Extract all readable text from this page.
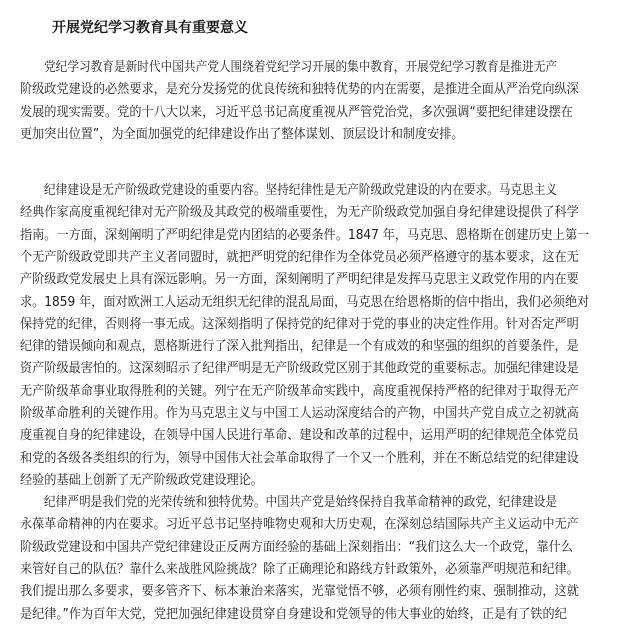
开展党纪学习教育具有重要意义
党纪学习教育是新时代中国共产党人围绕着党纪学习开展的集中教育，开展党纪学习教育是推进无产
阶级政党建设的必然要求，是充分发扬党的优良传统和独特优势的内在需要，是推进全面从严治党向纵深
发展的现实需要。党的十八大以来，习近平总书记高度重视从严管党治党，多次强调“要把纪律建设摆在
更加突出位置”，为全面加强党的纪律建设作出了整体谋划、顶层设计和制度安排。
纪律建设是无产阶级政党建设的重要内容。坚持纪律性是无产阶级政党建设的内在要求。马克思主义
经典作家高度重视纪律对无产阶级及其政党的极端重要性，为无产阶级政党加强自身纪律建设提供了科学
指南。一方面，深刻阐明了严明纪律是党内团结的必要条件。1847 年，马克思、恩格斯在创建历史上第一
个无产阶级政党即共产主义者同盟时，就把严明党的纪律作为全体党员必须严格遵守的基本要求，这在无
产阶级政党发展史上具有深远影响。另一方面，深刻阐明了严明纪律是发挥马克思主义政党作用的内在要
求。1859 年，面对欧洲工人运动无组织无纪律的混乱局面，马克思在给恩格斯的信中指出，我们必须绝对
保持党的纪律，否则将一事无成。这深刻指明了保持党的纪律对于党的事业的决定性作用。针对否定严明
纪律的错误倾向和观点，恩格斯进行了深入批判指出，纪律是一个有成效的和坚强的组织的首要条件，是
资产阶级最害怕的。这深刻昭示了纪律严明是无产阶级政党区别于其他政党的重要标志。加强纪律建设是
无产阶级革命事业取得胜利的关键。列宁在无产阶级革命实践中，高度重视保持严格的纪律对于取得无产
阶级革命胜利的关键作用。作为马克思主义与中国工人运动深度结合的产物，中国共产党自成立之初就高
度重视自身的纪律建设，在领导中国人民进行革命、建设和改革的过程中，运用严明的纪律规范全体党员
和党的各级各类组织的行为，领导中国伟大社会革命取得了一个又一个胜利，并在不断总结党的纪律建设
经验的基础上创新了无产阶级政党建设理论。
纪律严明是我们党的光荣传统和独特优势。中国共产党是始终保持自我革命精神的政党，纪律建设是
永葆革命精神的内在要求。习近平总书记坚持唯物史观和大历史观，在深刻总结国际共产主义运动中无产
阶级政党建设和中国共产党纪律建设正反两方面经验的基础上深刻指出：“我们这么大一个政党，靠什么
来管好自己的队伍？靠什么来战胜风险挑战？除了正确理论和路线方针政策外，必须靠严明规范和纪律。
我们提出那么多要求，要多管齐下、标本兼治来落实，光靠觉悟不够，必须有刚性约束、强制推动，这就
是纪律。”作为百年大党，党把加强纪律建设贯穿自身建设和党领导的伟大事业的始终，正是有了铁的纪
